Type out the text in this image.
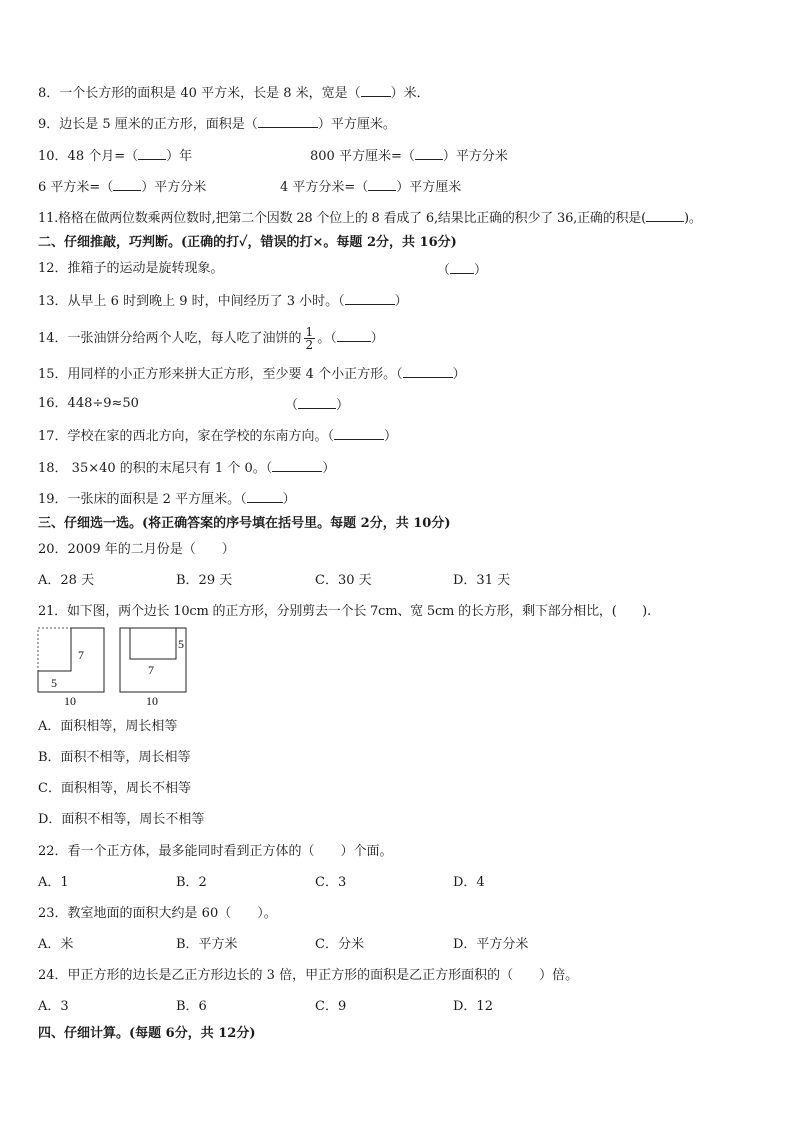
8．一个长方形的面积是 40 平方米，长是 8 米，宽是（ ）米．
9．边长是 5 厘米的正方形，面积是（	）平方厘米。
10．48 个月=（ ）年	800 平方厘米=（ ）平方分米
6 平方米=（ ）平方分米	4 平方分米=（ ）平方厘米
11.格格在做两位数乘两位数时,把第二个因数 28 个位上的 8 看成了 6,结果比正确的积少了 36,正确的积是(	)。
二、仔细推敲，巧判断。(正确的打✓，错误的打×。每题 2分，共 16分)
12．推箱子的运动是旋转现象。	（ ）
13．从早上 6 时到晚上 9 时，中间经历了 3 小时。（	）
14．一张油饼分给两个人吃，每人吃了油饼的 $\frac{1}{2}$ 。（	）
15．用同样的小正方形来拼大正方形，至少要 4 个小正方形。（	）
16．448÷9≈50	（	）
17．学校在家的西北方向，家在学校的东南方向。（	）
18． 35×40 的积的末尾只有 1 个 0。（	）
19．一张床的面积是 2 平方厘米。（	）
三、仔细选一选。(将正确答案的序号填在括号里。每题 2分，共 10分)
20．2009 年的二月份是（　　）
A．28 天	B．29 天	C．30 天	D．31 天
21．如下图，两个边长 10cm 的正方形，分别剪去一个长 7cm、宽 5cm 的长方形，剩下部分相比，(　　).
7
5
10
7
5
10
A．面积相等，周长相等
B．面积不相等，周长相等
C．面积相等，周长不相等
D．面积不相等，周长不相等
22．看一个正方体，最多能同时看到正方体的（　　）个面。
A．1	B．2	C．3	D．4
23．教室地面的面积大约是 60（　　）。
A．米	B．平方米	C．分米	D．平方分米
24．甲正方形的边长是乙正方形边长的 3 倍，甲正方形的面积是乙正方形面积的（　　）倍。
A．3	B．6	C．9	D．12
四、仔细计算。(每题 6分，共 12分)
